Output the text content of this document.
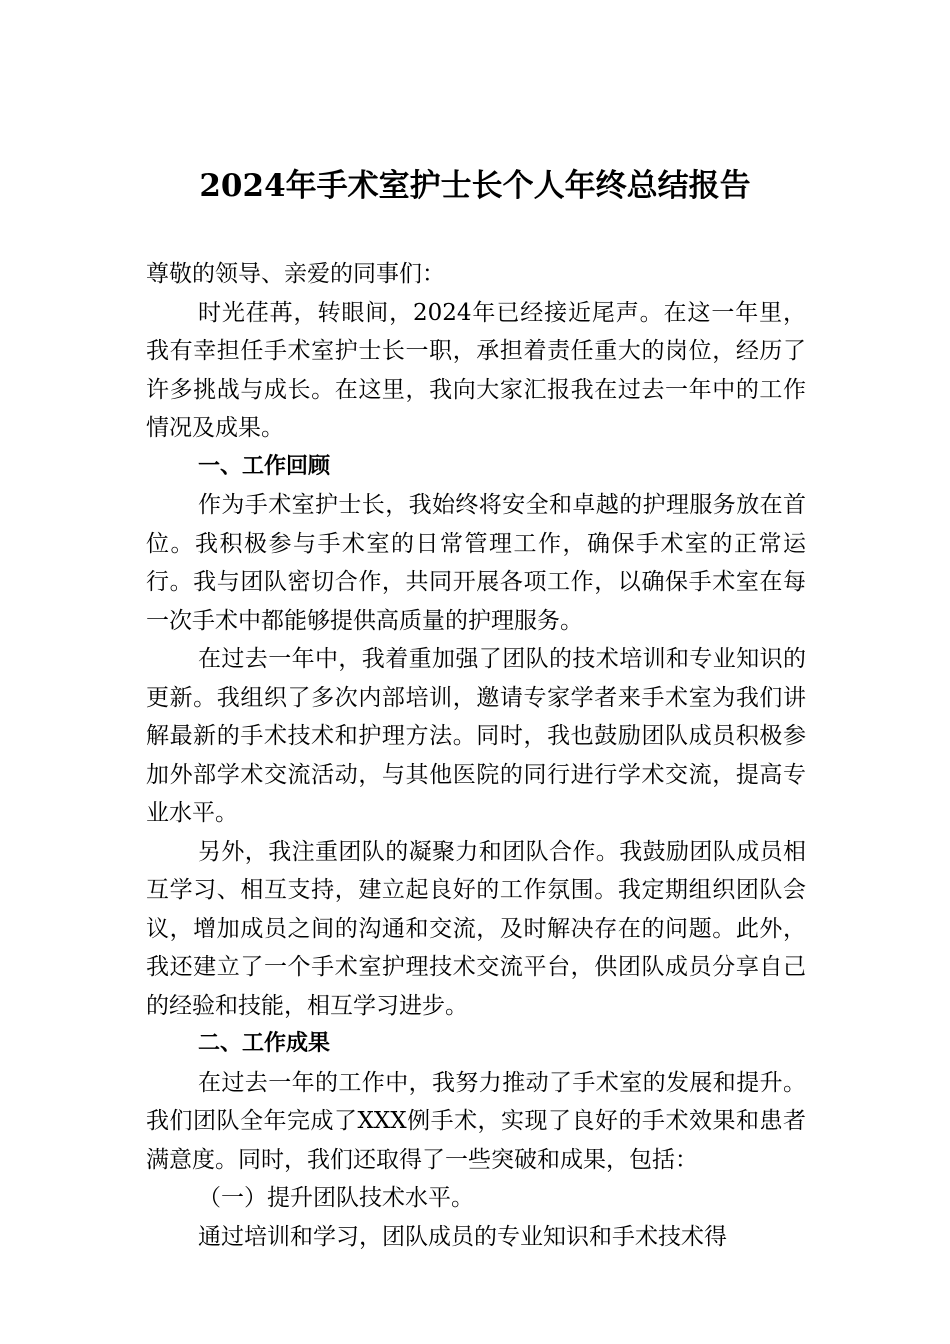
2024年手术室护士长个人年终总结报告

尊敬的领导、亲爱的同事们：

时光荏苒，转眼间，2024年已经接近尾声。在这一年里，我有幸担任手术室护士长一职，承担着责任重大的岗位，经历了许多挑战与成长。在这里，我向大家汇报我在过去一年中的工作情况及成果。

一、工作回顾

作为手术室护士长，我始终将安全和卓越的护理服务放在首位。我积极参与手术室的日常管理工作，确保手术室的正常运行。我与团队密切合作，共同开展各项工作，以确保手术室在每一次手术中都能够提供高质量的护理服务。

在过去一年中，我着重加强了团队的技术培训和专业知识的更新。我组织了多次内部培训，邀请专家学者来手术室为我们讲解最新的手术技术和护理方法。同时，我也鼓励团队成员积极参加外部学术交流活动，与其他医院的同行进行学术交流，提高专业水平。

另外，我注重团队的凝聚力和团队合作。我鼓励团队成员相互学习、相互支持，建立起良好的工作氛围。我定期组织团队会议，增加成员之间的沟通和交流，及时解决存在的问题。此外，我还建立了一个手术室护理技术交流平台，供团队成员分享自己的经验和技能，相互学习进步。

二、工作成果

在过去一年的工作中，我努力推动了手术室的发展和提升。我们团队全年完成了XXX例手术，实现了良好的手术效果和患者满意度。同时，我们还取得了一些突破和成果，包括：

（一）提升团队技术水平。

通过培训和学习，团队成员的专业知识和手术技术得
